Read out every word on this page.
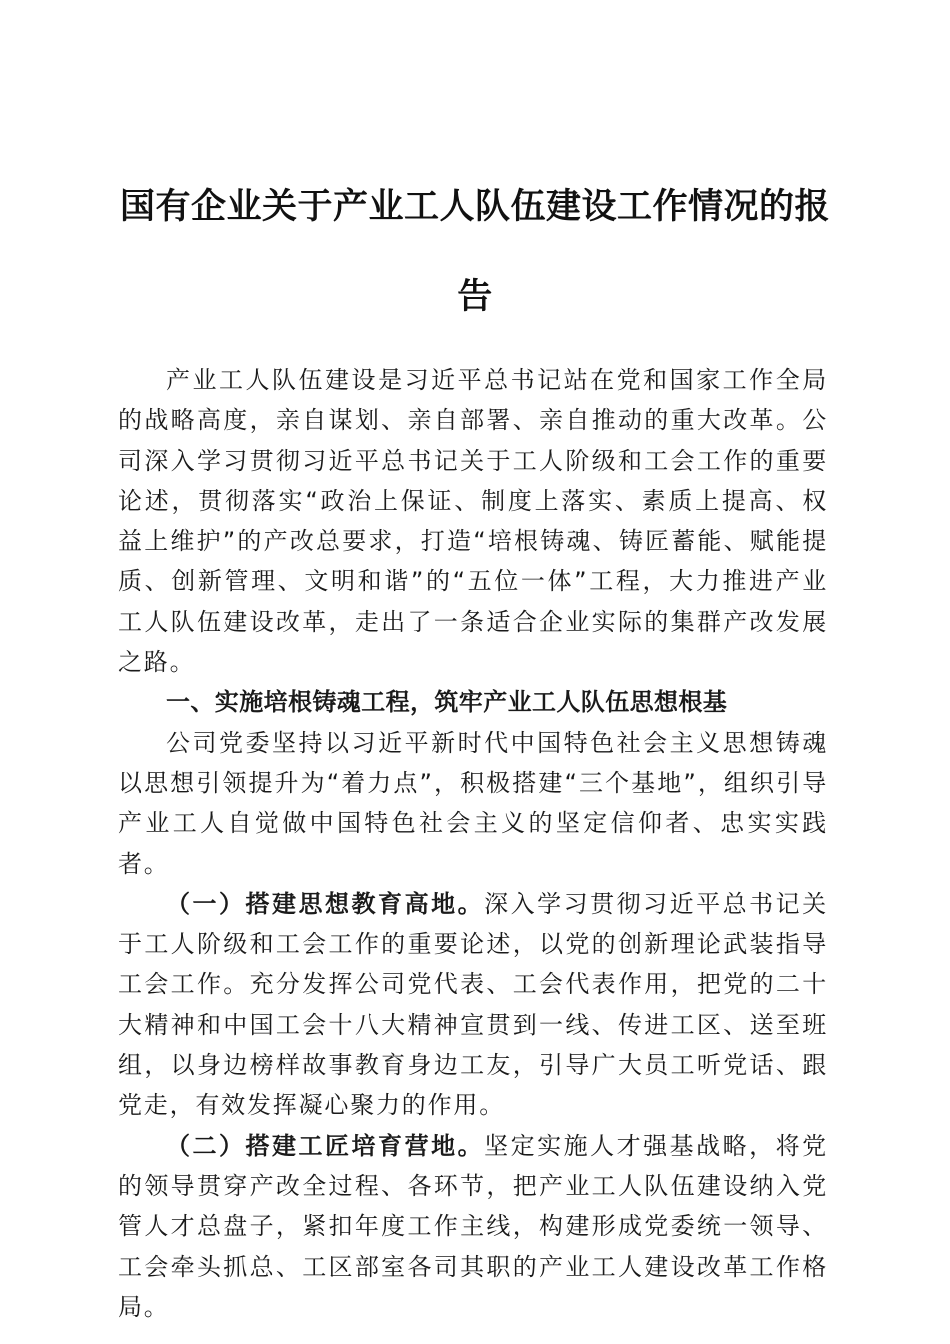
国有企业关于产业工人队伍建设工作情况的报告

产业工人队伍建设是习近平总书记站在党和国家工作全局的战略高度，亲自谋划、亲自部署、亲自推动的重大改革。公司深入学习贯彻习近平总书记关于工人阶级和工会工作的重要论述，贯彻落实“政治上保证、制度上落实、素质上提高、权益上维护”的产改总要求，打造“培根铸魂、铸匠蓄能、赋能提质、创新管理、文明和谐”的“五位一体”工程，大力推进产业工人队伍建设改革，走出了一条适合企业实际的集群产改发展之路。

一、实施培根铸魂工程，筑牢产业工人队伍思想根基

公司党委坚持以习近平新时代中国特色社会主义思想铸魂以思想引领提升为“着力点”，积极搭建“三个基地”，组织引导产业工人自觉做中国特色社会主义的坚定信仰者、忠实实践者。

（一）搭建思想教育高地。深入学习贯彻习近平总书记关于工人阶级和工会工作的重要论述，以党的创新理论武装指导工会工作。充分发挥公司党代表、工会代表作用，把党的二十大精神和中国工会十八大精神宣贯到一线、传进工区、送至班组，以身边榜样故事教育身边工友，引导广大员工听党话、跟党走，有效发挥凝心聚力的作用。

（二）搭建工匠培育营地。坚定实施人才强基战略，将党的领导贯穿产改全过程、各环节，把产业工人队伍建设纳入党管人才总盘子，紧扣年度工作主线，构建形成党委统一领导、工会牵头抓总、工区部室各司其职的产业工人建设改革工作格局。
